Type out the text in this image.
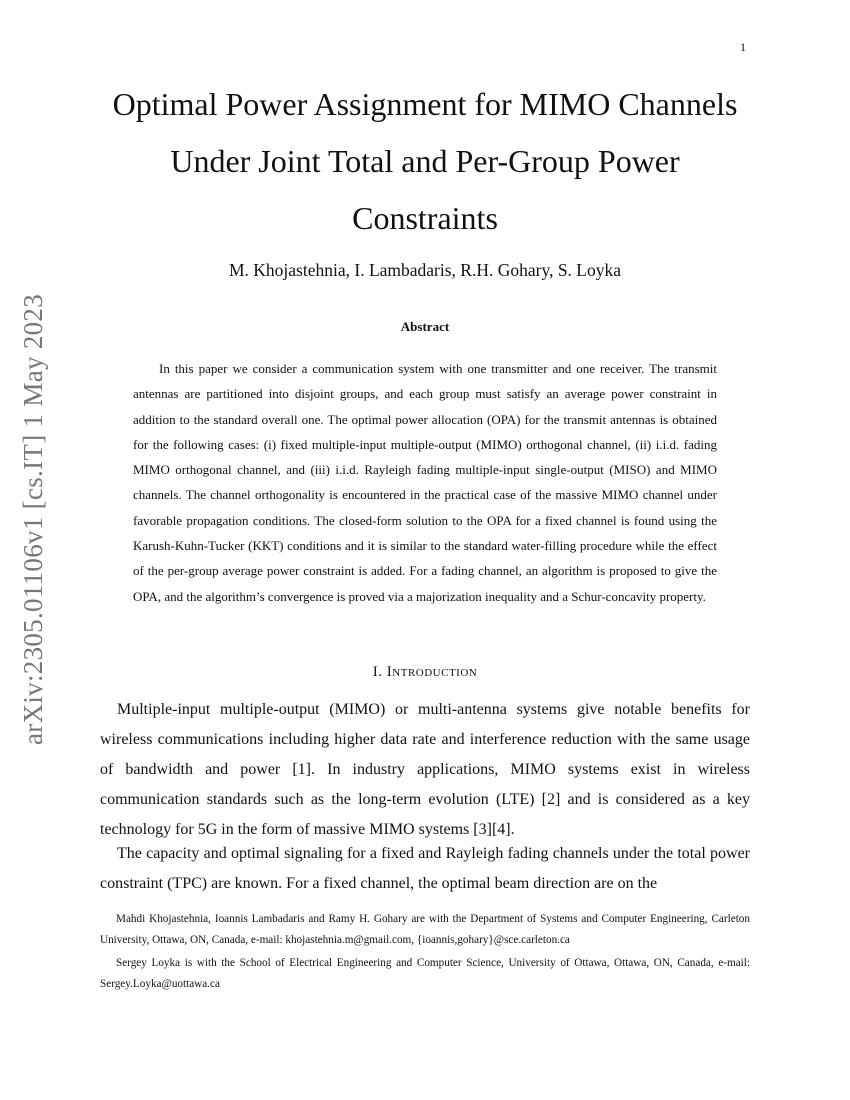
1
arXiv:2305.01106v1 [cs.IT] 1 May 2023
Optimal Power Assignment for MIMO Channels Under Joint Total and Per-Group Power Constraints
M. Khojastehnia, I. Lambadaris, R.H. Gohary, S. Loyka
Abstract

In this paper we consider a communication system with one transmitter and one receiver. The transmit antennas are partitioned into disjoint groups, and each group must satisfy an average power constraint in addition to the standard overall one. The optimal power allocation (OPA) for the transmit antennas is obtained for the following cases: (i) fixed multiple-input multiple-output (MIMO) orthogonal channel, (ii) i.i.d. fading MIMO orthogonal channel, and (iii) i.i.d. Rayleigh fading multiple-input single-output (MISO) and MIMO channels. The channel orthogonality is encountered in the practical case of the massive MIMO channel under favorable propagation conditions. The closed-form solution to the OPA for a fixed channel is found using the Karush-Kuhn-Tucker (KKT) conditions and it is similar to the standard water-filling procedure while the effect of the per-group average power constraint is added. For a fading channel, an algorithm is proposed to give the OPA, and the algorithm’s convergence is proved via a majorization inequality and a Schur-concavity property.

I. Introduction

Multiple-input multiple-output (MIMO) or multi-antenna systems give notable benefits for wireless communications including higher data rate and interference reduction with the same usage of bandwidth and power [1]. In industry applications, MIMO systems exist in wireless communication standards such as the long-term evolution (LTE) [2] and is considered as a key technology for 5G in the form of massive MIMO systems [3][4].

The capacity and optimal signaling for a fixed and Rayleigh fading channels under the total power constraint (TPC) are known. For a fixed channel, the optimal beam direction are on the

Mahdi Khojastehnia, Ioannis Lambadaris and Ramy H. Gohary are with the Department of Systems and Computer Engineering, Carleton University, Ottawa, ON, Canada, e-mail: khojastehnia.m@gmail.com, {ioannis,gohary}@sce.carleton.ca

Sergey Loyka is with the School of Electrical Engineering and Computer Science, University of Ottawa, Ottawa, ON, Canada, e-mail: Sergey.Loyka@uottawa.ca
